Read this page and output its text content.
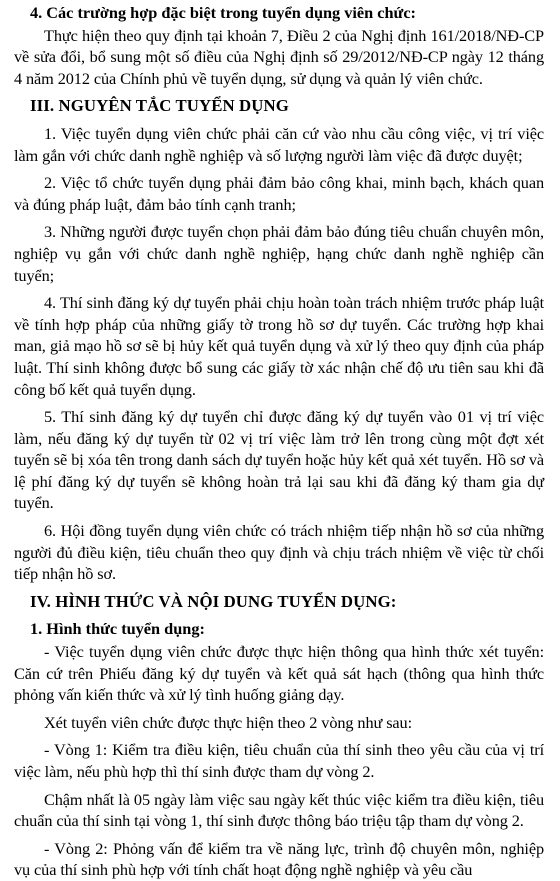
4. Các trường hợp đặc biệt trong tuyển dụng viên chức:

Thực hiện theo quy định tại khoản 7, Điều 2 của Nghị định 161/2018/NĐ-CP về sửa đổi, bổ sung một số điều của Nghị định số 29/2012/NĐ-CP ngày 12 tháng 4 năm 2012 của Chính phủ về tuyển dụng, sử dụng và quản lý viên chức.

III. NGUYÊN TẮC TUYỂN DỤNG

1. Việc tuyển dụng viên chức phải căn cứ vào nhu cầu công việc, vị trí việc làm gắn với chức danh nghề nghiệp và số lượng người làm việc đã được duyệt;

2. Việc tổ chức tuyển dụng phải đảm bảo công khai, minh bạch, khách quan và đúng pháp luật, đảm bảo tính cạnh tranh;

3. Những người được tuyển chọn phải đảm bảo đúng tiêu chuẩn chuyên môn, nghiệp vụ gắn với chức danh nghề nghiệp, hạng chức danh nghề nghiệp cần tuyển;

4. Thí sinh đăng ký dự tuyển phải chịu hoàn toàn trách nhiệm trước pháp luật về tính hợp pháp của những giấy tờ trong hồ sơ dự tuyển. Các trường hợp khai man, giả mạo hồ sơ sẽ bị hủy kết quả tuyển dụng và xử lý theo quy định của pháp luật. Thí sinh không được bổ sung các giấy tờ xác nhận chế độ ưu tiên sau khi đã công bố kết quả tuyển dụng.

5. Thí sinh đăng ký dự tuyển chỉ được đăng ký dự tuyển vào 01 vị trí việc làm, nếu đăng ký dự tuyển từ 02 vị trí việc làm trở lên trong cùng một đợt xét tuyển sẽ bị xóa tên trong danh sách dự tuyển hoặc hủy kết quả xét tuyển. Hồ sơ và lệ phí đăng ký dự tuyển sẽ không hoàn trả lại sau khi đã đăng ký tham gia dự tuyển.

6. Hội đồng tuyển dụng viên chức có trách nhiệm tiếp nhận hồ sơ của những người đủ điều kiện, tiêu chuẩn theo quy định và chịu trách nhiệm về việc từ chối tiếp nhận hồ sơ.

IV. HÌNH THỨC VÀ NỘI DUNG TUYỂN DỤNG:

1. Hình thức tuyển dụng:

- Việc tuyển dụng viên chức được thực hiện thông qua hình thức xét tuyển: Căn cứ trên Phiếu đăng ký dự tuyển và kết quả sát hạch (thông qua hình thức phỏng vấn kiến thức và xử lý tình huống giảng dạy.

Xét tuyển viên chức được thực hiện theo 2 vòng như sau:

- Vòng 1: Kiểm tra điều kiện, tiêu chuẩn của thí sinh theo yêu cầu của vị trí việc làm, nếu phù hợp thì thí sinh được tham dự vòng 2.

Chậm nhất là 05 ngày làm việc sau ngày kết thúc việc kiểm tra điều kiện, tiêu chuẩn của thí sinh tại vòng 1, thí sinh được thông báo triệu tập tham dự vòng 2.

- Vòng 2: Phỏng vấn để kiểm tra về năng lực, trình độ chuyên môn, nghiệp vụ của thí sinh phù hợp với tính chất hoạt động nghề nghiệp và yêu cầu
